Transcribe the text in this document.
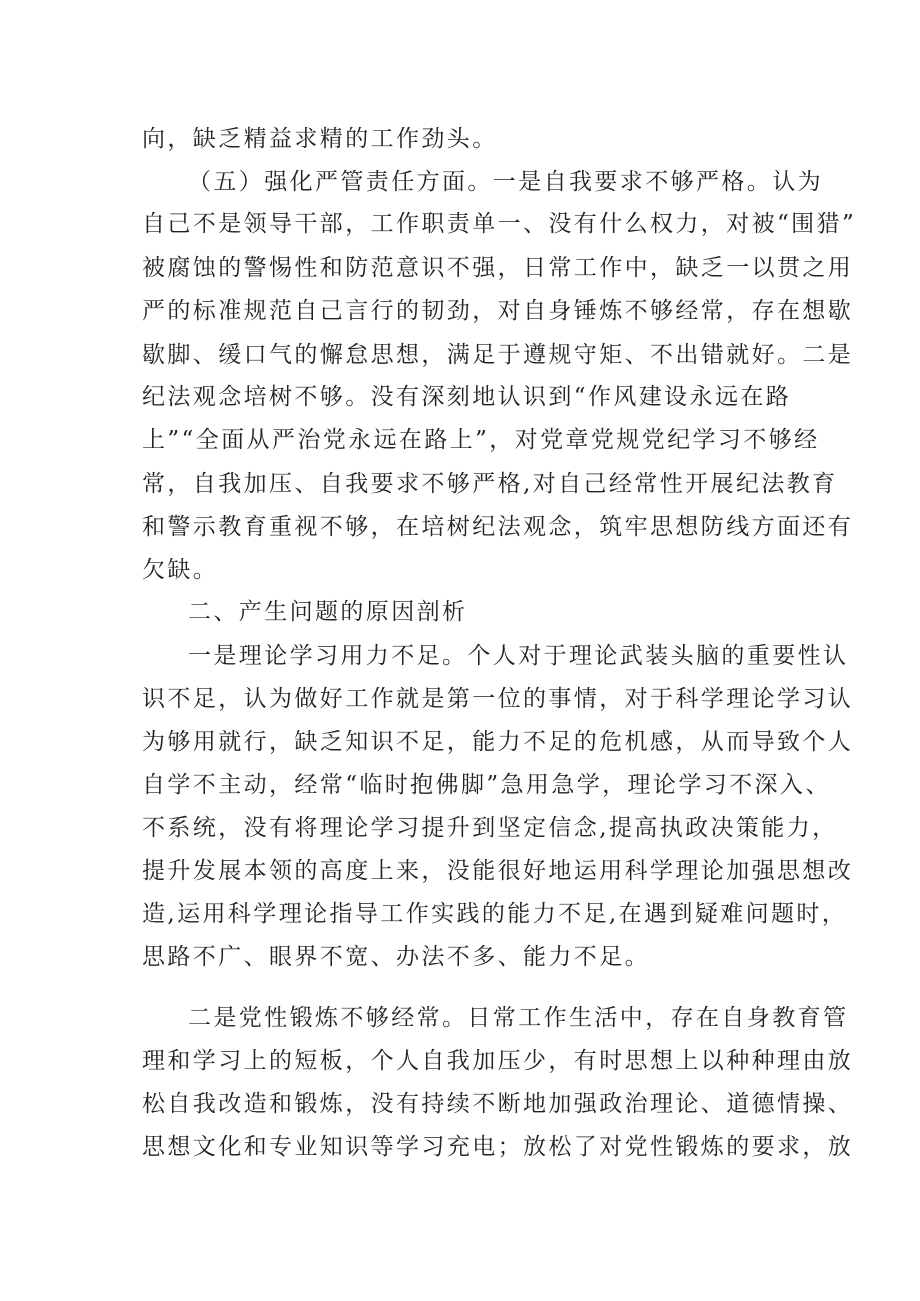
向，缺乏精益求精的工作劲头。
（五）强化严管责任方面。一是自我要求不够严格。认为
自己不是领导干部，工作职责单一、没有什么权力，对被“围猎”
被腐蚀的警惕性和防范意识不强，日常工作中，缺乏一以贯之用
严的标准规范自己言行的韧劲，对自身锤炼不够经常，存在想歇
歇脚、缓口气的懈怠思想，满足于遵规守矩、不出错就好。二是
纪法观念培树不够。没有深刻地认识到“作风建设永远在路
上”“全面从严治党永远在路上”，对党章党规党纪学习不够经
常，自我加压、自我要求不够严格,对自己经常性开展纪法教育
和警示教育重视不够，在培树纪法观念，筑牢思想防线方面还有
欠缺。
二、产生问题的原因剖析
一是理论学习用力不足。个人对于理论武装头脑的重要性认
识不足，认为做好工作就是第一位的事情，对于科学理论学习认
为够用就行，缺乏知识不足，能力不足的危机感，从而导致个人
自学不主动，经常“临时抱佛脚”急用急学，理论学习不深入、
不系统，没有将理论学习提升到坚定信念,提高执政决策能力，
提升发展本领的高度上来，没能很好地运用科学理论加强思想改
造,运用科学理论指导工作实践的能力不足,在遇到疑难问题时，
思路不广、眼界不宽、办法不多、能力不足。
二是党性锻炼不够经常。日常工作生活中，存在自身教育管
理和学习上的短板，个人自我加压少，有时思想上以种种理由放
松自我改造和锻炼，没有持续不断地加强政治理论、道德情操、
思想文化和专业知识等学习充电；放松了对党性锻炼的要求，放
